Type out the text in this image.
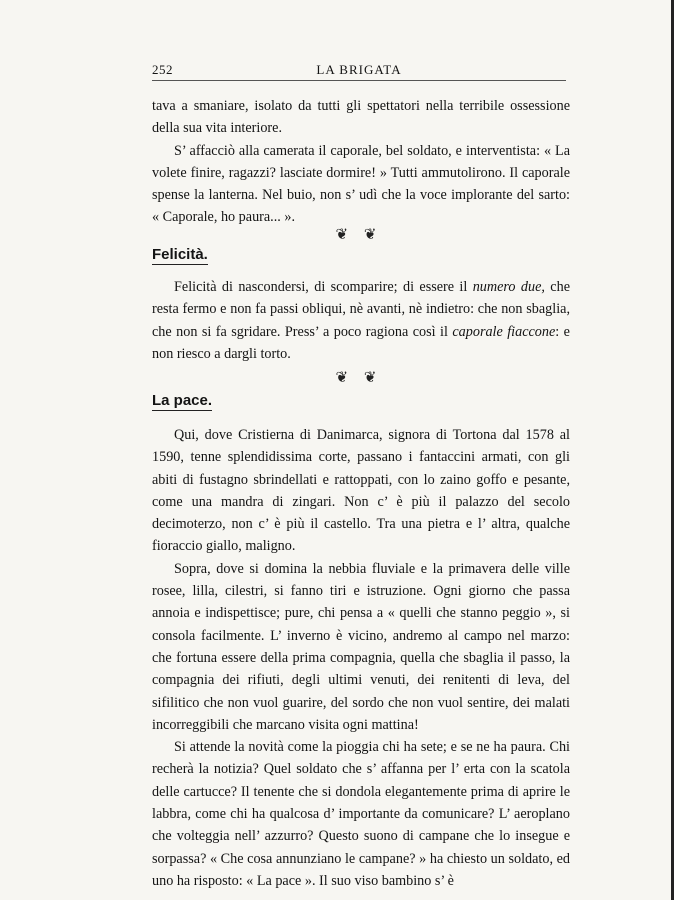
252	LA BRIGATA

tava a smaniare, isolato da tutti gli spettatori nella terribile ossessione della sua vita interiore.

S’ affacciò alla camerata il caporale, bel soldato, e interventista: « La volete finire, ragazzi? lasciate dormire! » Tutti ammutolirono. Il caporale spense la lanterna. Nel buio, non s’ udì che la voce implorante del sarto: « Caporale, ho paura... ».

❦ ❦
Felicità.

Felicità di nascondersi, di scomparire; di essere il numero due, che resta fermo e non fa passi obliqui, nè avanti, nè indietro: che non sbaglia, che non si fa sgridare. Press’ a poco ragiona così il caporale fiaccone: e non riesco a dargli torto.

❦ ❦
La pace.

Qui, dove Cristierna di Danimarca, signora di Tortona dal 1578 al 1590, tenne splendidissima corte, passano i fantaccini armati, con gli abiti di fustagno sbrindellati e rattoppati, con lo zaino goffo e pesante, come una mandra di zingari. Non c’ è più il palazzo del secolo decimoterzo, non c’ è più il castello. Tra una pietra e l’ altra, qualche fioraccio giallo, maligno.

Sopra, dove si domina la nebbia fluviale e la primavera delle ville rosee, lilla, cilestri, si fanno tiri e istruzione. Ogni giorno che passa annoia e indispettisce; pure, chi pensa a « quelli che stanno peggio », si consola facilmente. L’ inverno è vicino, andremo al campo nel marzo: che fortuna essere della prima compagnia, quella che sbaglia il passo, la compagnia dei rifiuti, degli ultimi venuti, dei renitenti di leva, del sifilitico che non vuol guarire, del sordo che non vuol sentire, dei malati incorreggibili che marcano visita ogni mattina!

Si attende la novità come la pioggia chi ha sete; e se ne ha paura. Chi recherà la notizia? Quel soldato che s’ affanna per l’ erta con la scatola delle cartucce? Il tenente che si dondola elegantemente prima di aprire le labbra, come chi ha qualcosa d’ importante da comunicare? L’ aeroplano che volteggia nell’ azzurro? Questo suono di campane che lo insegue e sorpassa? « Che cosa annunziano le campane? » ha chiesto un soldato, ed uno ha risposto: « La pace ». Il suo viso bambino s’ è
